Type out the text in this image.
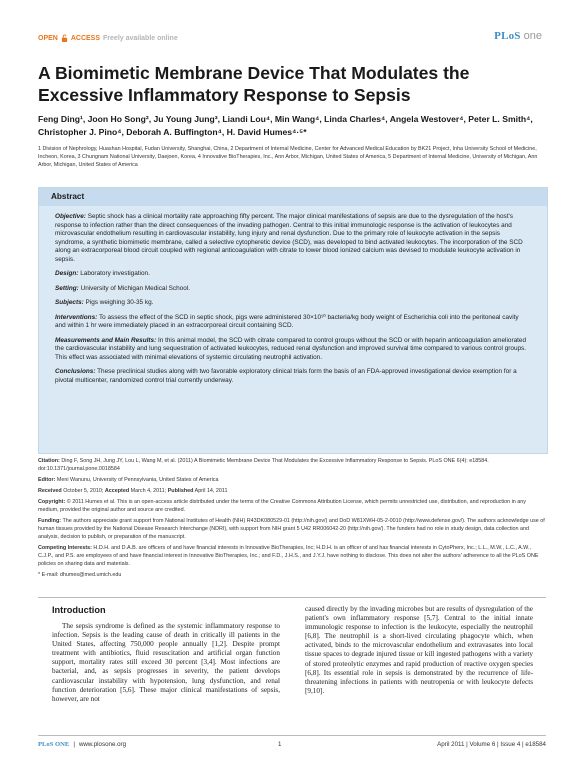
OPEN ACCESS Freely available online	PLoS one
A Biomimetic Membrane Device That Modulates the Excessive Inflammatory Response to Sepsis
Feng Ding¹, Joon Ho Song², Ju Young Jung³, Liandi Lou⁴, Min Wang⁴, Linda Charles⁴, Angela Westover⁴, Peter L. Smith⁴, Christopher J. Pino⁴, Deborah A. Buffington⁴, H. David Humes⁴·⁵*
1 Division of Nephrology, Huashan Hospital, Fudan University, Shanghai, China, 2 Department of Internal Medicine, Center for Advanced Medical Education by BK21 Project, Inha University School of Medicine, Incheon, Korea, 3 Chungnam National University, Daejoen, Korea, 4 Innovative BioTherapies, Inc., Ann Arbor, Michigan, United States of America, 5 Department of Internal Medicine, University of Michigan, Ann Arbor, Michigan, United States of America
Abstract

Objective: Septic shock has a clinical mortality rate approaching fifty percent. The major clinical manifestations of sepsis are due to the dysregulation of the host's response to infection rather than the direct consequences of the invading pathogen. Central to this initial immunologic response is the activation of leukocytes and microvascular endothelium resulting in cardiovascular instability, lung injury and renal dysfunction. Due to the primary role of leukocyte activation in the sepsis syndrome, a synthetic biomimetic membrane, called a selective cytopheretic device (SCD), was developed to bind activated leukocytes. The incorporation of the SCD along an extracorporeal blood circuit coupled with regional anticoagulation with citrate to lower blood ionized calcium was devised to modulate leukocyte activation in sepsis.

Design: Laboratory investigation.

Setting: University of Michigan Medical School.

Subjects: Pigs weighing 30-35 kg.

Interventions: To assess the effect of the SCD in septic shock, pigs were administered 30×10¹⁰ bacteria/kg body weight of Escherichia coli into the peritoneal cavity and within 1 hr were immediately placed in an extracorporeal circuit containing SCD.

Measurements and Main Results: In this animal model, the SCD with citrate compared to control groups without the SCD or with heparin anticoagulation ameliorated the cardiovascular instability and lung sequestration of activated leukocytes, reduced renal dysfunction and improved survival time compared to various control groups. This effect was associated with minimal elevations of systemic circulating neutrophil activation.

Conclusions: These preclinical studies along with two favorable exploratory clinical trials form the basis of an FDA-approved investigational device exemption for a pivotal multicenter, randomized control trial currently underway.

Citation: Ding F, Song JH, Jung JY, Lou L, Wang M, et al. (2011) A Biomimetic Membrane Device That Modulates the Excessive Inflammatory Response to Sepsis. PLoS ONE 6(4): e18584. doi:10.1371/journal.pone.0018584

Editor: Meni Wanunu, University of Pennsylvania, United States of America

Received October 5, 2010; Accepted March 4, 2011; Published April 14, 2011

Copyright: © 2011 Humes et al. This is an open-access article distributed under the terms of the Creative Commons Attribution License, which permits unrestricted use, distribution, and reproduction in any medium, provided the original author and source are credited.

Funding: The authors appreciate grant support from National Institutes of Health (NIH) R43DK080529-01 (http://nih.gov/) and DoD W81XWH-05-2-0010 (http://www.defense.gov/). The authors acknowledge use of human tissues provided by the National Disease Research Interchange (NDRI), with support from NIH grant 5 U42 RR006042-20 (http://nih.gov/). The funders had no role in study design, data collection and analysis, decision to publish, or preparation of the manuscript.

Competing Interests: H.D.H. and D.A.B. are officers of and have financial interests in Innovative BioTherapies, Inc; H.D.H. is an officer of and has financial interests in CytoPherx, Inc.; L.L., M.W., L.C., A.W., C.J.P., and P.S. are employees of and have financial interest in Innovative BioTherapies, Inc.; and F.D., J.H.S., and J.Y.J. have nothing to disclose. This does not alter the authors' adherence to all the PLoS ONE policies on sharing data and materials.

* E-mail: dhumes@med.umich.edu

Introduction

The sepsis syndrome is defined as the systemic inflammatory response to infection. Sepsis is the leading cause of death in critically ill patients in the United States, affecting 750,000 people annually [1,2]. Despite prompt treatment with antibiotics, fluid resuscitation and artificial organ function support, mortality rates still exceed 30 percent [3,4]. Most infections are bacterial, and, as sepsis progresses in severity, the patient develops cardiovascular instability with hypotension, lung dysfunction, and renal function deterioration [5,6]. These major clinical manifestations of sepsis, however, are not

caused directly by the invading microbes but are results of dysregulation of the patient's own inflammatory response [5,7]. Central to the initial innate immunologic response to infection is the leukocyte, especially the neutrophil [6,8]. The neutrophil is a short-lived circulating phagocyte which, when activated, binds to the microvascular endothelium and extravasates into local tissue spaces to degrade injured tissue or kill ingested pathogens with a variety of stored proteolytic enzymes and rapid production of reactive oxygen species [6,8]. Its essential role in sepsis is demonstrated by the recurrence of life-threatening infections in patients with neutropenia or with leukocyte defects [9,10].

PLoS ONE | www.plosone.org	1	April 2011 | Volume 6 | Issue 4 | e18584
